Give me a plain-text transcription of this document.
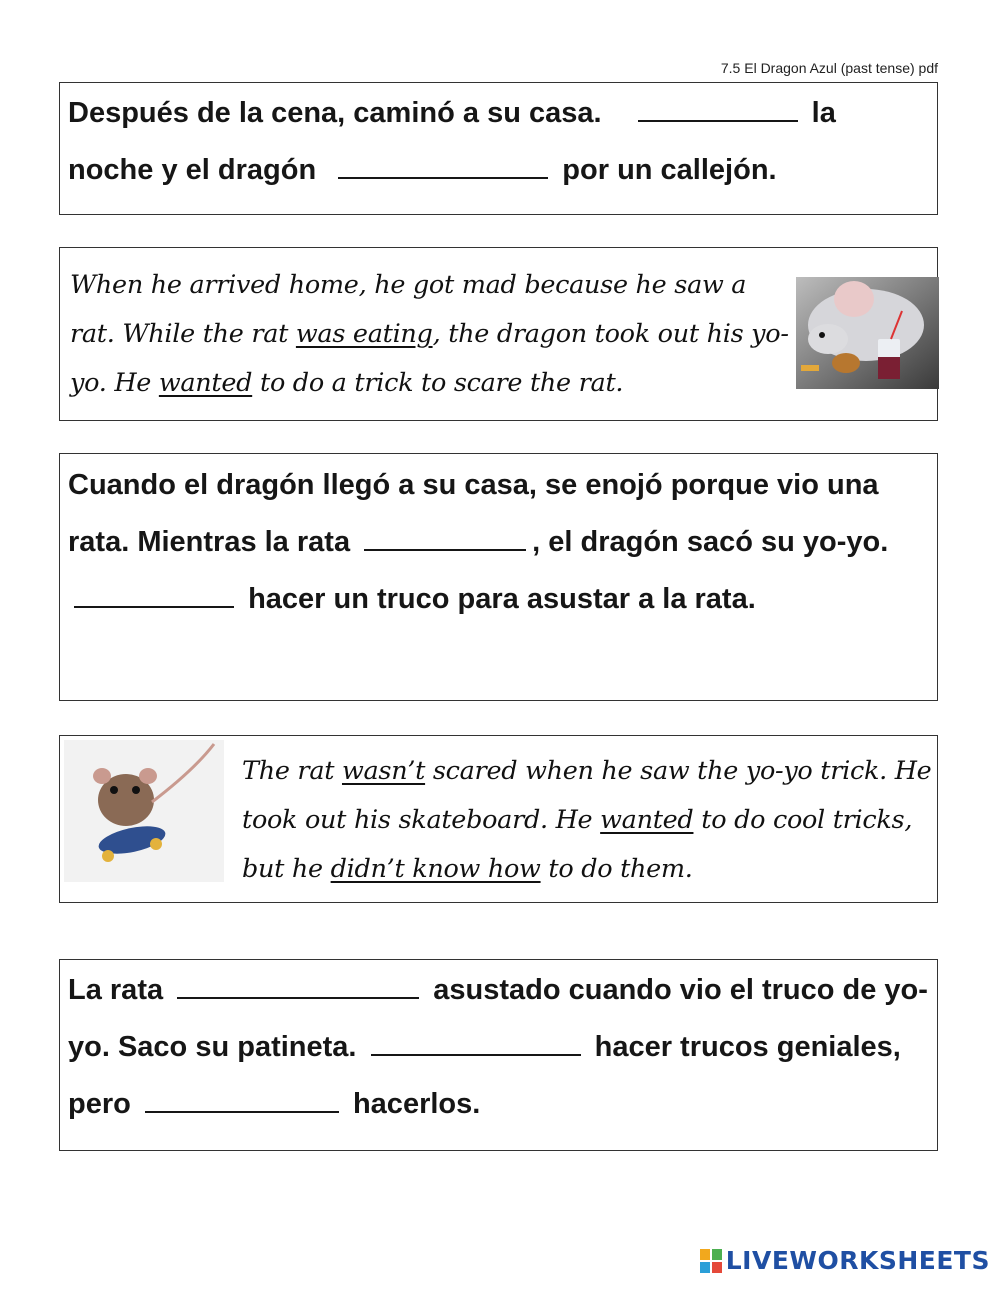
7.5 El Dragon Azul (past tense) pdf
Después de la cena, caminó a su casa.	la noche y el dragón	por un callejón.
When he arrived home, he got mad because he saw a rat. While the rat was eating, the dragon took out his yo-yo. He wanted to do a trick to scare the rat.
Cuando el dragón llegó a su casa, se enojó porque vio una rata. Mientras la rata	, el dragón sacó su yo-yo.  hacer un truco para asustar a la rata.
The rat wasn’t scared when he saw the yo-yo trick. He took out his skateboard. He wanted to do cool tricks, but he didn’t know how to do them.
La rata	asustado cuando vio el truco de yo-yo. Saco su patineta.	hacer trucos geniales, pero	hacerlos.
LIVEWORKSHEETS
